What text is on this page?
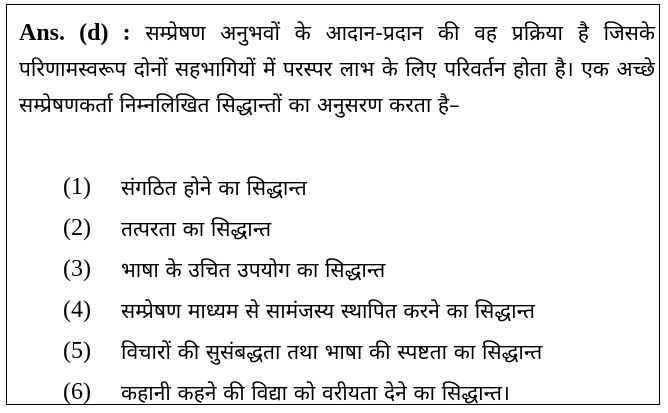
Ans. (d) : सम्प्रेषण अनुभवों के आदान-प्रदान की वह प्रक्रिया है जिसके परिणामस्वरूप दोनों सहभागियों में परस्पर लाभ के लिए परिवर्तन होता है। एक अच्छे सम्प्रेषणकर्ता निम्नलिखित सिद्धान्तों का अनुसरण करता है–
(1)	संगठित होने का सिद्धान्त
(2)	तत्परता का सिद्धान्त
(3)	भाषा के उचित उपयोग का सिद्धान्त
(4)	सम्प्रेषण माध्यम से सामंजस्य स्थापित करने का सिद्धान्त
(5)	विचारों की सुसंबद्धता तथा भाषा की स्पष्टता का सिद्धान्त
(6)	कहानी कहने की विद्या को वरीयता देने का सिद्धान्त।
